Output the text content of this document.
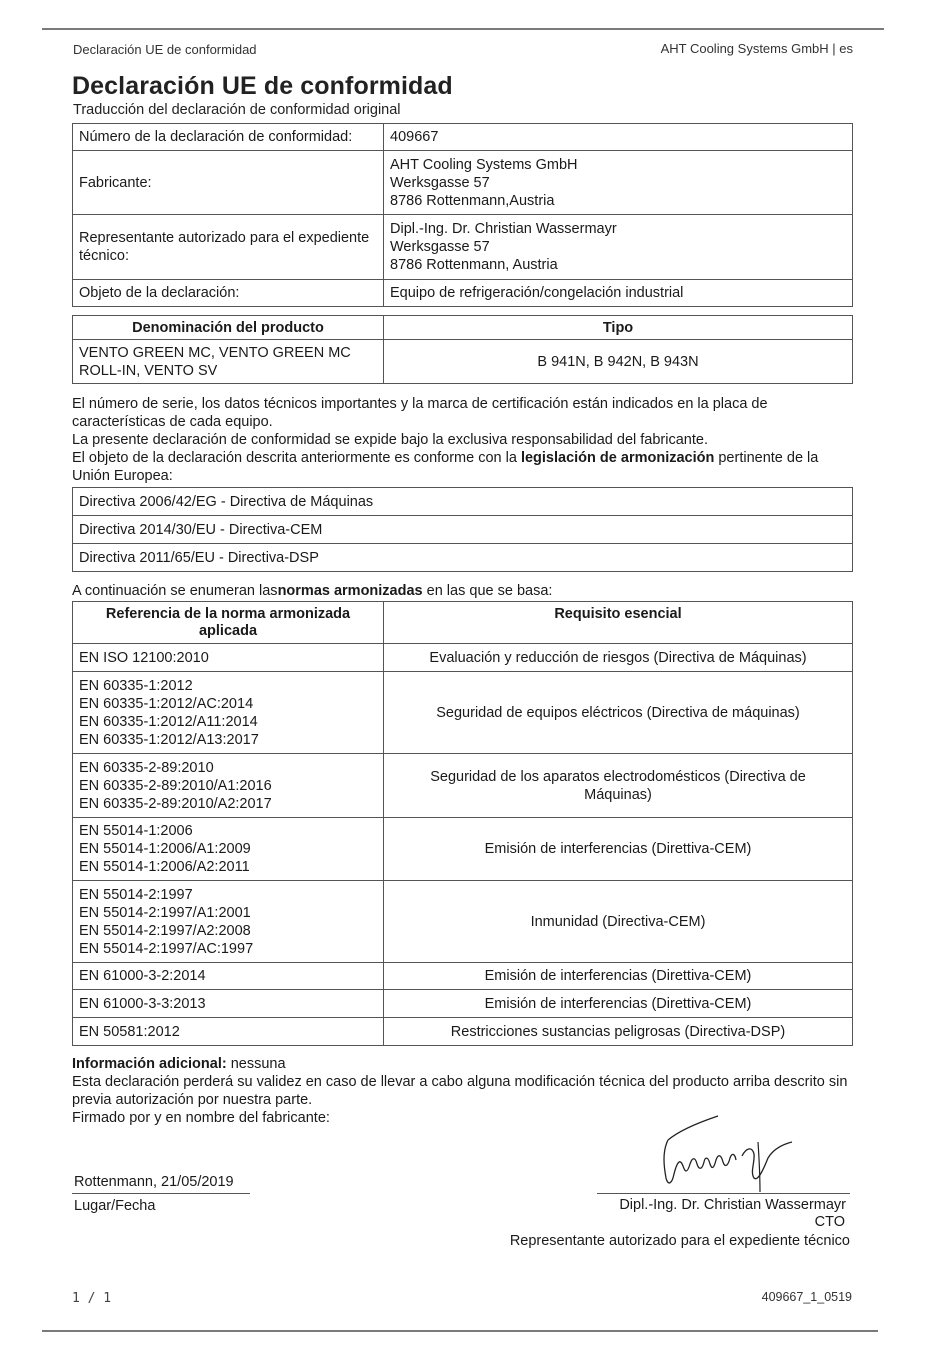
Declaración UE de conformidad	AHT Cooling Systems GmbH | es
Declaración UE de conformidad
Traducción del declaración de conformidad original
Número de la declaración de conformidad:	409667
Fabricante:	AHT Cooling Systems GmbH
Werksgasse 57
8786 Rottenmann,Austria

Representante autorizado para el expediente técnico:	Dipl.-Ing. Dr. Christian Wassermayr
Werksgasse 57
8786 Rottenmann, Austria

Objeto de la declaración:	Equipo de refrigeración/congelación industrial
Denominación del producto	Tipo
VENTO GREEN MC, VENTO GREEN MC ROLL-IN, VENTO SV	B 941N, B 942N, B 943N
El número de serie, los datos técnicos importantes y la marca de certificación están indicados en la placa de características de cada equipo.
La presente declaración de conformidad se expide bajo la exclusiva responsabilidad del fabricante.
El objeto de la declaración descrita anteriormente es conforme con la legislación de armonización pertinente de la Unión Europea:
Directiva 2006/42/EG - Directiva de Máquinas
Directiva 2014/30/EU - Directiva-CEM
Directiva 2011/65/EU - Directiva-DSP
A continuación se enumeran lasnormas armonizadas en las que se basa:
Referencia de la norma armonizada aplicada	Requisito esencial

EN ISO 12100:2010	Evaluación y reducción de riesgos (Directiva de Máquinas)

EN 60335-1:2012
EN 60335-1:2012/AC:2014
EN 60335-1:2012/A11:2014
EN 60335-1:2012/A13:2017	Seguridad de equipos eléctricos (Directiva de máquinas)

EN 60335-2-89:2010
EN 60335-2-89:2010/A1:2016
EN 60335-2-89:2010/A2:2017	Seguridad de los aparatos electrodomésticos (Directiva de Máquinas)

EN 55014-1:2006
EN 55014-1:2006/A1:2009
EN 55014-1:2006/A2:2011	Emisión de interferencias (Direttiva-CEM)

EN 55014-2:1997
EN 55014-2:1997/A1:2001
EN 55014-2:1997/A2:2008
EN 55014-2:1997/AC:1997	Inmunidad (Directiva-CEM)

EN 61000-3-2:2014	Emisión de interferencias (Direttiva-CEM)

EN 61000-3-3:2013	Emisión de interferencias (Direttiva-CEM)

EN 50581:2012	Restricciones sustancias peligrosas (Directiva-DSP)
Información adicional: nessuna
Esta declaración perderá su validez en caso de llevar a cabo alguna modificación técnica del producto arriba descrito sin previa autorización por nuestra parte.
Firmado por y en nombre del fabricante:
Rottenmann, 21/05/2019
Lugar/Fecha	Dipl.-Ing. Dr. Christian Wassermayr
CTO
Representante autorizado para el expediente técnico
1 / 1	409667_1_0519
